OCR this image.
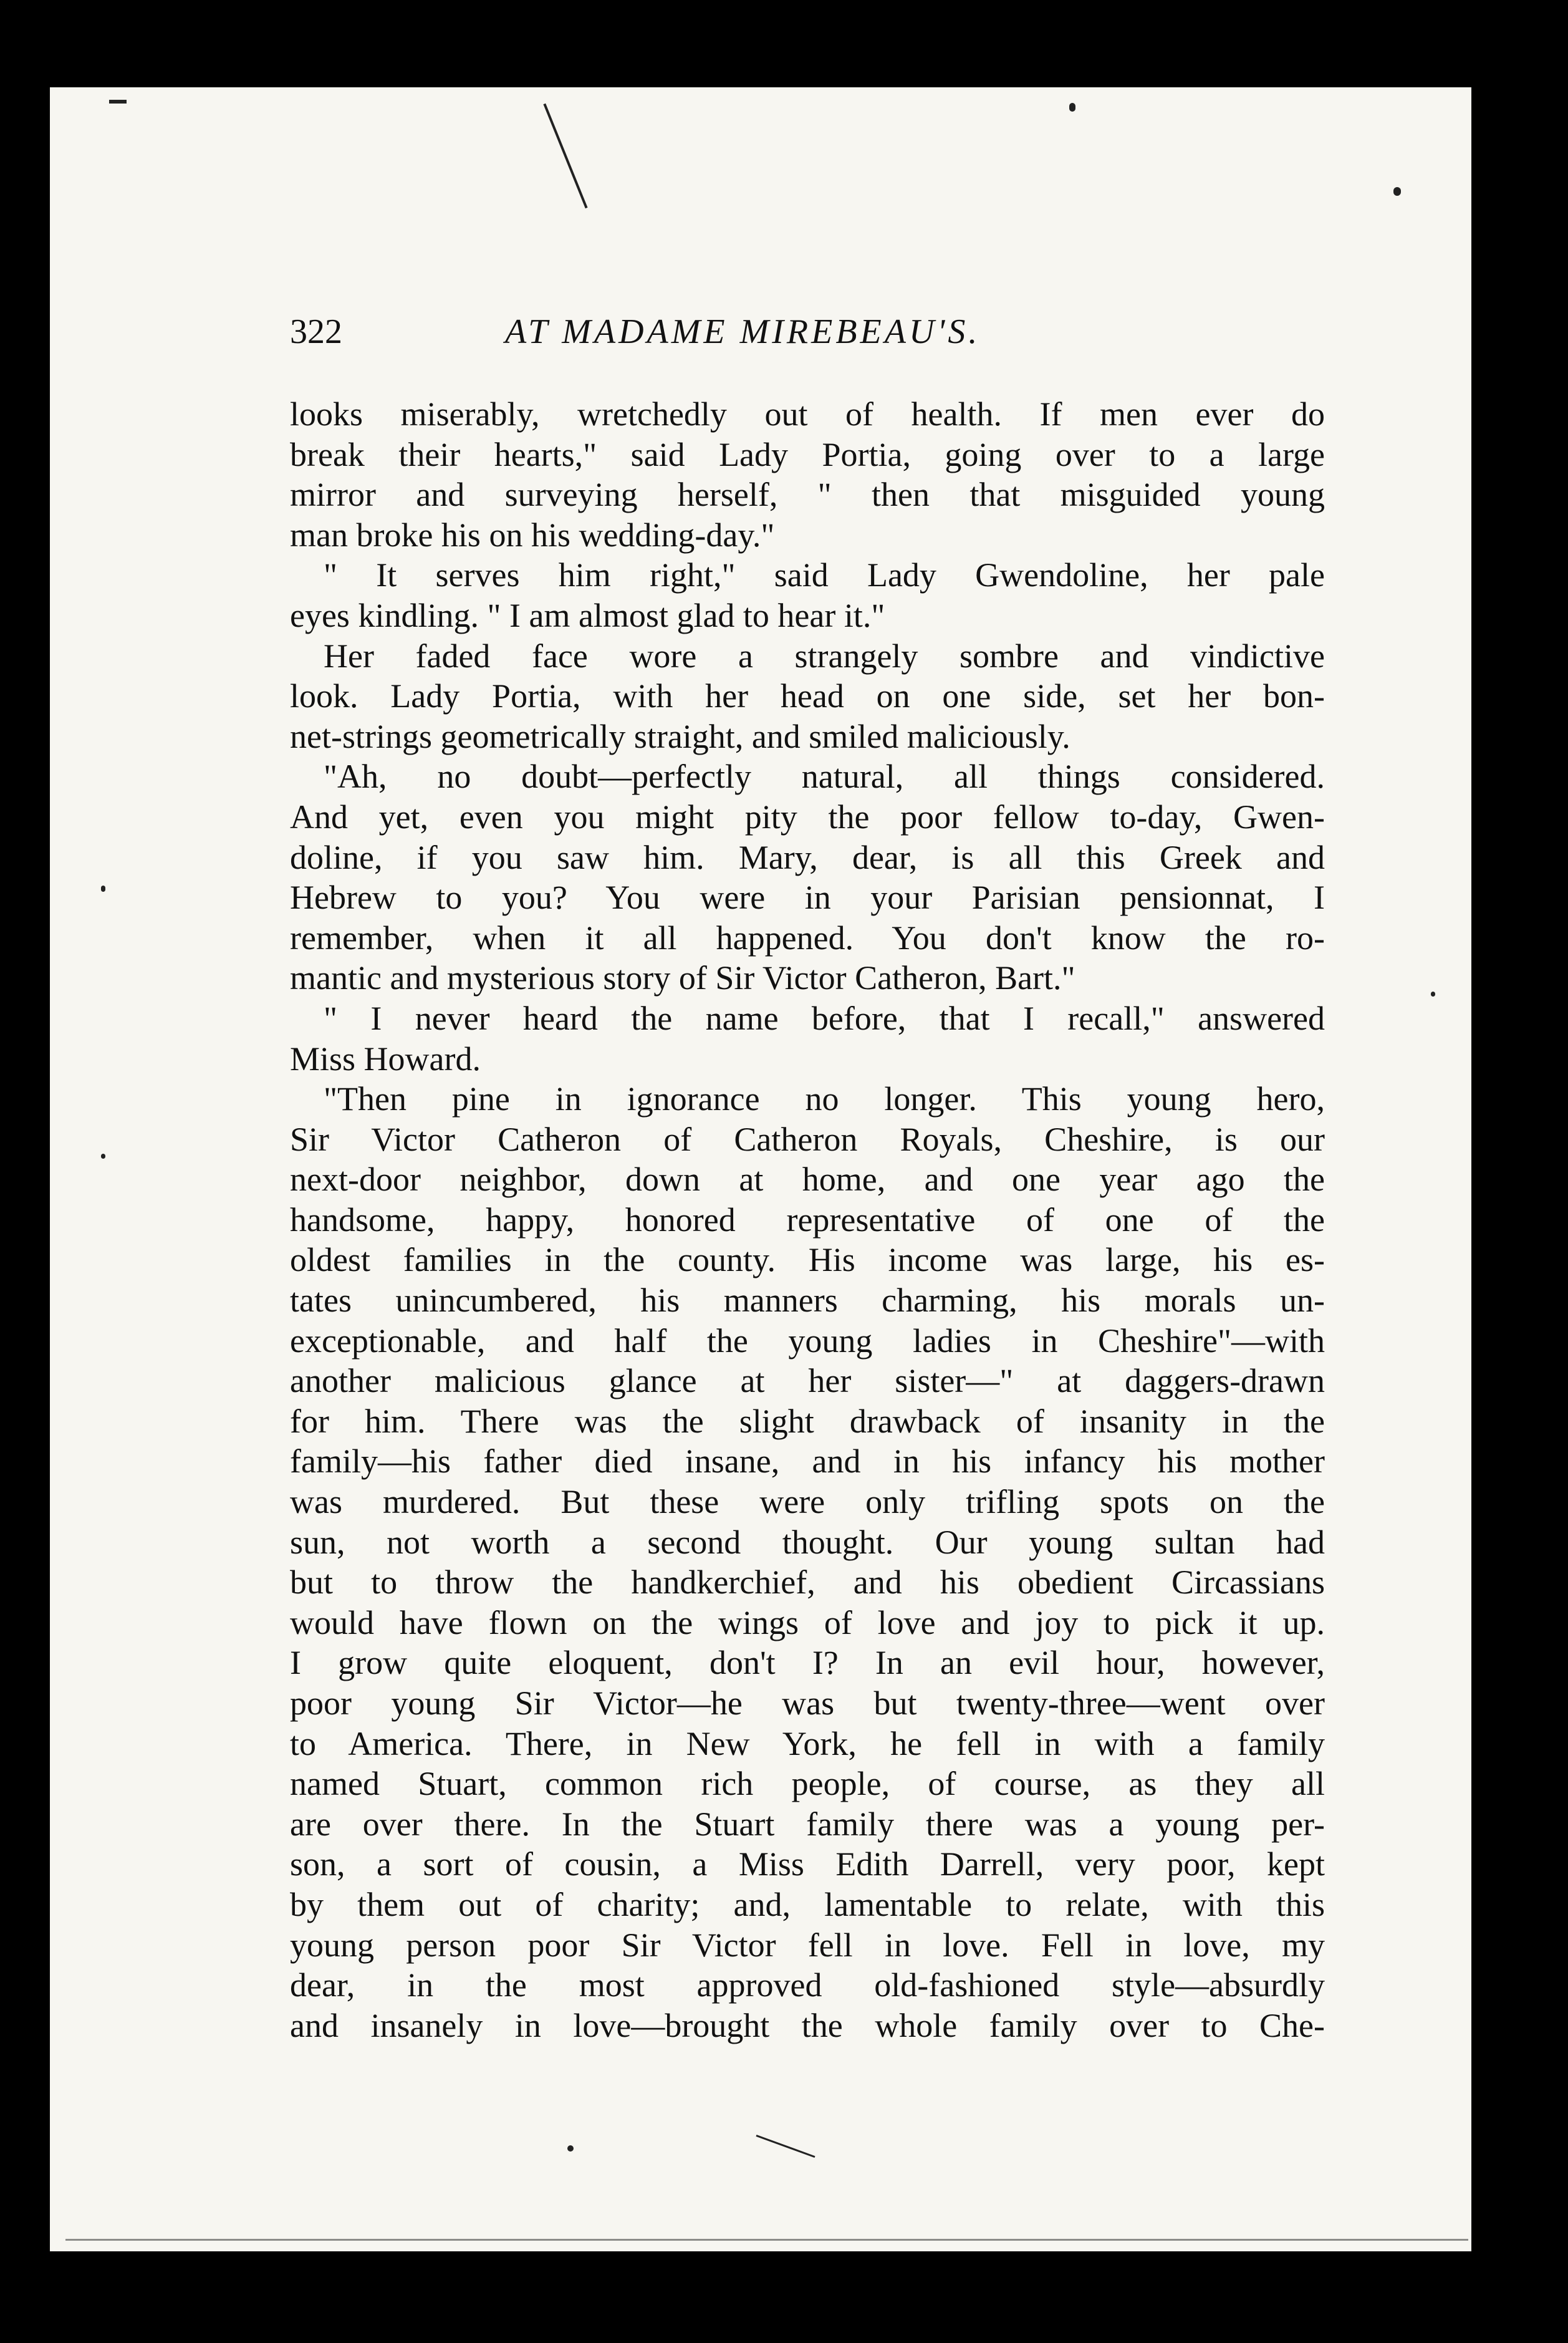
322	AT MADAME MIREBEAU'S.
looks miserably, wretchedly out of health. If men ever do
break their hearts," said Lady Portia, going over to a large
mirror and surveying herself, " then that misguided young
man broke his on his wedding-day."
" It serves him right," said Lady Gwendoline, her pale
eyes kindling. " I am almost glad to hear it."
Her faded face wore a strangely sombre and vindictive
look. Lady Portia, with her head on one side, set her bon-
net-strings geometrically straight, and smiled maliciously.
"Ah, no doubt—perfectly natural, all things considered.
And yet, even you might pity the poor fellow to-day, Gwen-
doline, if you saw him. Mary, dear, is all this Greek and
Hebrew to you? You were in your Parisian pensionnat, I
remember, when it all happened. You don't know the ro-
mantic and mysterious story of Sir Victor Catheron, Bart."
" I never heard the name before, that I recall," answered
Miss Howard.
"Then pine in ignorance no longer. This young hero,
Sir Victor Catheron of Catheron Royals, Cheshire, is our
next-door neighbor, down at home, and one year ago the
handsome, happy, honored representative of one of the
oldest families in the county. His income was large, his es-
tates unincumbered, his manners charming, his morals un-
exceptionable, and half the young ladies in Cheshire"—with
another malicious glance at her sister—" at daggers-drawn
for him. There was the slight drawback of insanity in the
family—his father died insane, and in his infancy his mother
was murdered. But these were only trifling spots on the
sun, not worth a second thought. Our young sultan had
but to throw the handkerchief, and his obedient Circassians
would have flown on the wings of love and joy to pick it up.
I grow quite eloquent, don't I? In an evil hour, however,
poor young Sir Victor—he was but twenty-three—went over
to America. There, in New York, he fell in with a family
named Stuart, common rich people, of course, as they all
are over there. In the Stuart family there was a young per-
son, a sort of cousin, a Miss Edith Darrell, very poor, kept
by them out of charity; and, lamentable to relate, with this
young person poor Sir Victor fell in love. Fell in love, my
dear, in the most approved old-fashioned style—absurdly
and insanely in love—brought the whole family over to Che-
